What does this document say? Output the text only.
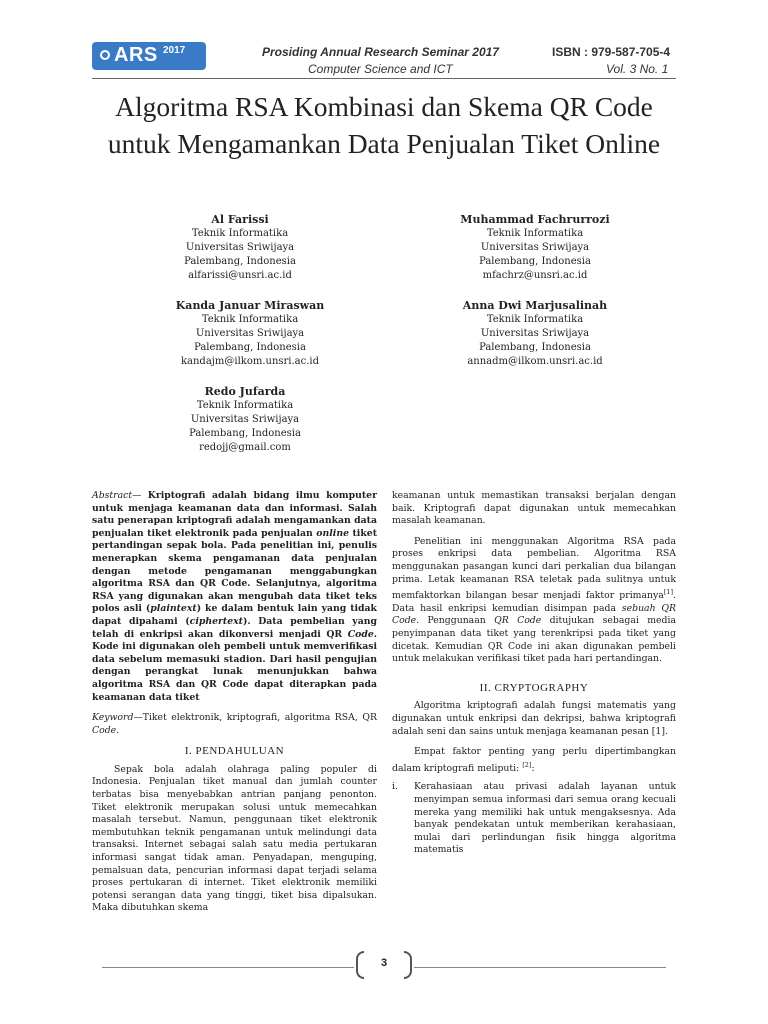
ARS 2017	Prosiding Annual Research Seminar 2017
Computer Science and ICT
ISBN : 979-587-705-4
Vol. 3 No. 1
Algoritma RSA Kombinasi dan Skema QR Code untuk Mengamankan Data Penjualan Tiket Online
Al Farissi
Teknik Informatika
Universitas Sriwijaya
Palembang, Indonesia
alfarissi@unsri.ac.id
Muhammad Fachrurrozi
Teknik Informatika
Universitas Sriwijaya
Palembang, Indonesia
mfachrz@unsri.ac.id
Kanda Januar Miraswan
Teknik Informatika
Universitas Sriwijaya
Palembang, Indonesia
kandajm@ilkom.unsri.ac.id
Anna Dwi Marjusalinah
Teknik Informatika
Universitas Sriwijaya
Palembang, Indonesia
annadm@ilkom.unsri.ac.id
Redo Jufarda
Teknik Informatika
Universitas Sriwijaya
Palembang, Indonesia
redojj@gmail.com

Abstract— Kriptografi adalah bidang ilmu komputer untuk menjaga keamanan data dan informasi. Salah satu penerapan kriptografi adalah mengamankan data penjualan tiket elektronik pada penjualan online tiket pertandingan sepak bola. Pada penelitian ini, penulis menerapkan skema pengamanan data penjualan dengan metode pengamanan menggabungkan algoritma RSA dan QR Code. Selanjutnya, algoritma RSA yang digunakan akan mengubah data tiket teks polos asli (plaintext) ke dalam bentuk lain yang tidak dapat dipahami (ciphertext). Data pembelian yang telah di enkripsi akan dikonversi menjadi QR Code. Kode ini digunakan oleh pembeli untuk memverifikasi data sebelum memasuki stadion. Dari hasil pengujian dengan perangkat lunak menunjukkan bahwa algoritma RSA dan QR Code dapat diterapkan pada keamanan data tiket

Keyword—Tiket elektronik, kriptografi, algoritma RSA, QR Code.

I. PENDAHULUAN

Sepak bola adalah olahraga paling populer di Indonesia. Penjualan tiket manual dan jumlah counter terbatas bisa menyebabkan antrian panjang penonton. Tiket elektronik merupakan solusi untuk memecahkan masalah tersebut. Namun, penggunaan tiket elektronik membutuhkan teknik pengamanan untuk melindungi data transaksi. Internet sebagai salah satu media pertukaran informasi sangat tidak aman. Penyadapan, menguping, pemalsuan data, pencurian informasi dapat terjadi selama proses pertukaran di internet. Tiket elektronik memiliki potensi serangan data yang tinggi, tiket bisa dipalsukan. Maka dibutuhkan skema

keamanan untuk memastikan transaksi berjalan dengan baik. Kriptografi dapat digunakan untuk memecahkan masalah keamanan.

Penelitian ini menggunakan Algoritma RSA pada proses enkripsi data pembelian. Algoritma RSA menggunakan pasangan kunci dari perkalian dua bilangan prima. Letak keamanan RSA teletak pada sulitnya untuk memfaktorkan bilangan besar menjadi faktor primanya[1]. Data hasil enkripsi kemudian disimpan pada sebuah QR Code. Penggunaan QR Code ditujukan sebagai media penyimpanan data tiket yang terenkripsi pada tiket yang dicetak. Kemudian QR Code ini akan digunakan pembeli untuk melakukan verifikasi tiket pada hari pertandingan.

II. CRYPTOGRAPHY

Algoritma kriptografi adalah fungsi matematis yang digunakan untuk enkripsi dan dekripsi, bahwa kriptografi adalah seni dan sains untuk menjaga keamanan pesan [1].

Empat faktor penting yang perlu dipertimbangkan dalam kriptografi meliputi: [2]:

i.	Kerahasiaan atau privasi adalah layanan untuk menyimpan semua informasi dari semua orang kecuali mereka yang memiliki hak untuk mengaksesnya. Ada banyak pendekatan untuk memberikan kerahasiaan, mulai dari perlindungan fisik hingga algoritma matematis
3
